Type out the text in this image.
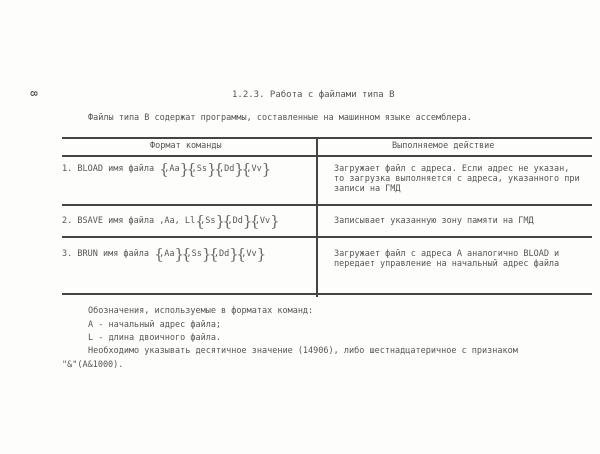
8	1.2.3. Работа с файлами типа В
Файлы типа В содержат программы, составленные на машинном языке ассемблера.
Формат команды	Выполняемое действие
1. BLOAD имя файла {,Aa}{,Ss}{,Dd}{,Vv}	Загружает файл с адреса. Если адрес не указан, то загрузка выполняется с адреса, указанного при записи на ГМД
2. BSAVE имя файла ,Aa, Ll{,Ss}{,Dd}{,Vv}	Записывает указанную зону памяти на ГМД
3. BRUN имя файла {,Aa}{,Ss}{,Dd}{,Vv}	Загружает файл с адреса A аналогично BLOAD и передает управление на начальный адрес файла
Обозначения, используемые в форматах команд:
A - начальный адрес файла;
L - длина двоичного файла.
Необходимо указывать десятичное значение (14906), либо шестнадцатеричное с признаком
"&"(A&1000).
